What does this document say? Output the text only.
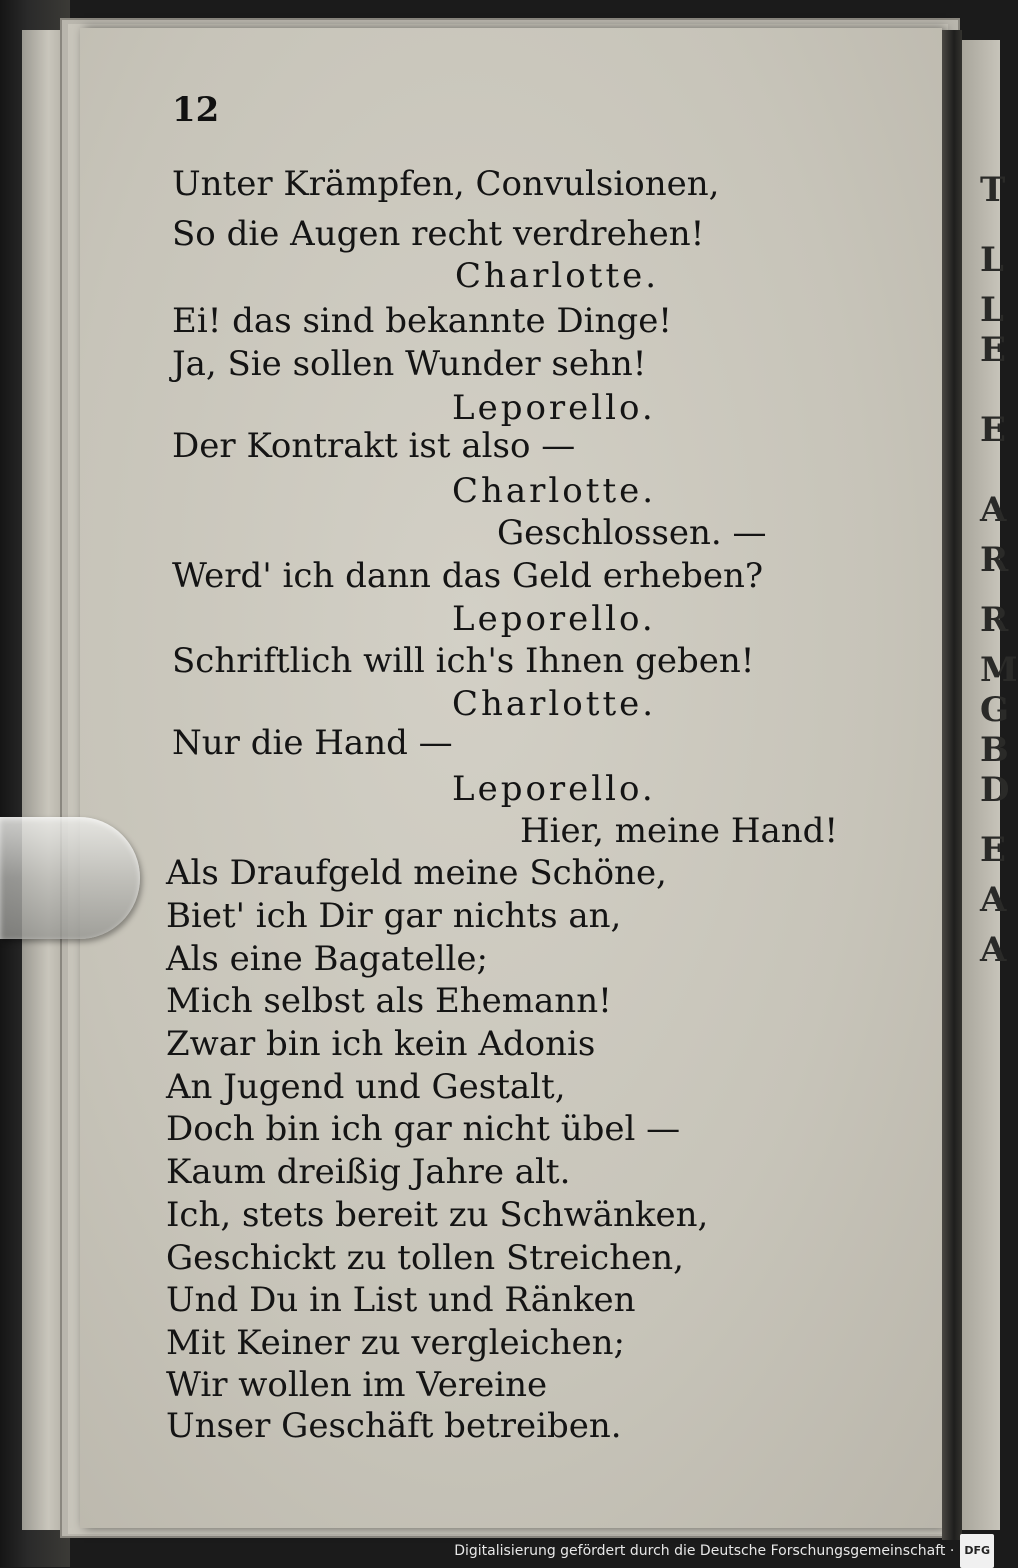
T
L
L
E
E
A
R
R
M
G
B
D
E
A
A
12
Unter Krämpfen, Convulsionen,
So die Augen recht verdrehen!
Charlotte.
Ei! das sind bekannte Dinge!
Ja, Sie sollen Wunder sehn!
Leporello.
Der Kontrakt ist also —
Charlotte.
Geschlossen. —
Werd' ich dann das Geld erheben?
Leporello.
Schriftlich will ich's Ihnen geben!
Charlotte.
Nur die Hand —
Leporello.
Hier, meine Hand!
Als Draufgeld meine Schöne,
Biet' ich Dir gar nichts an,
Als eine Bagatelle;
Mich selbst als Ehemann!
Zwar bin ich kein Adonis
An Jugend und Gestalt,
Doch bin ich gar nicht übel —
Kaum dreißig Jahre alt.
Ich, stets bereit zu Schwänken,
Geschickt zu tollen Streichen,
Und Du in List und Ränken
Mit Keiner zu vergleichen;
Wir wollen im Vereine
Unser Geschäft betreiben.
Digitalisierung gefördert durch die Deutsche Forschungsgemeinschaft · DFG
